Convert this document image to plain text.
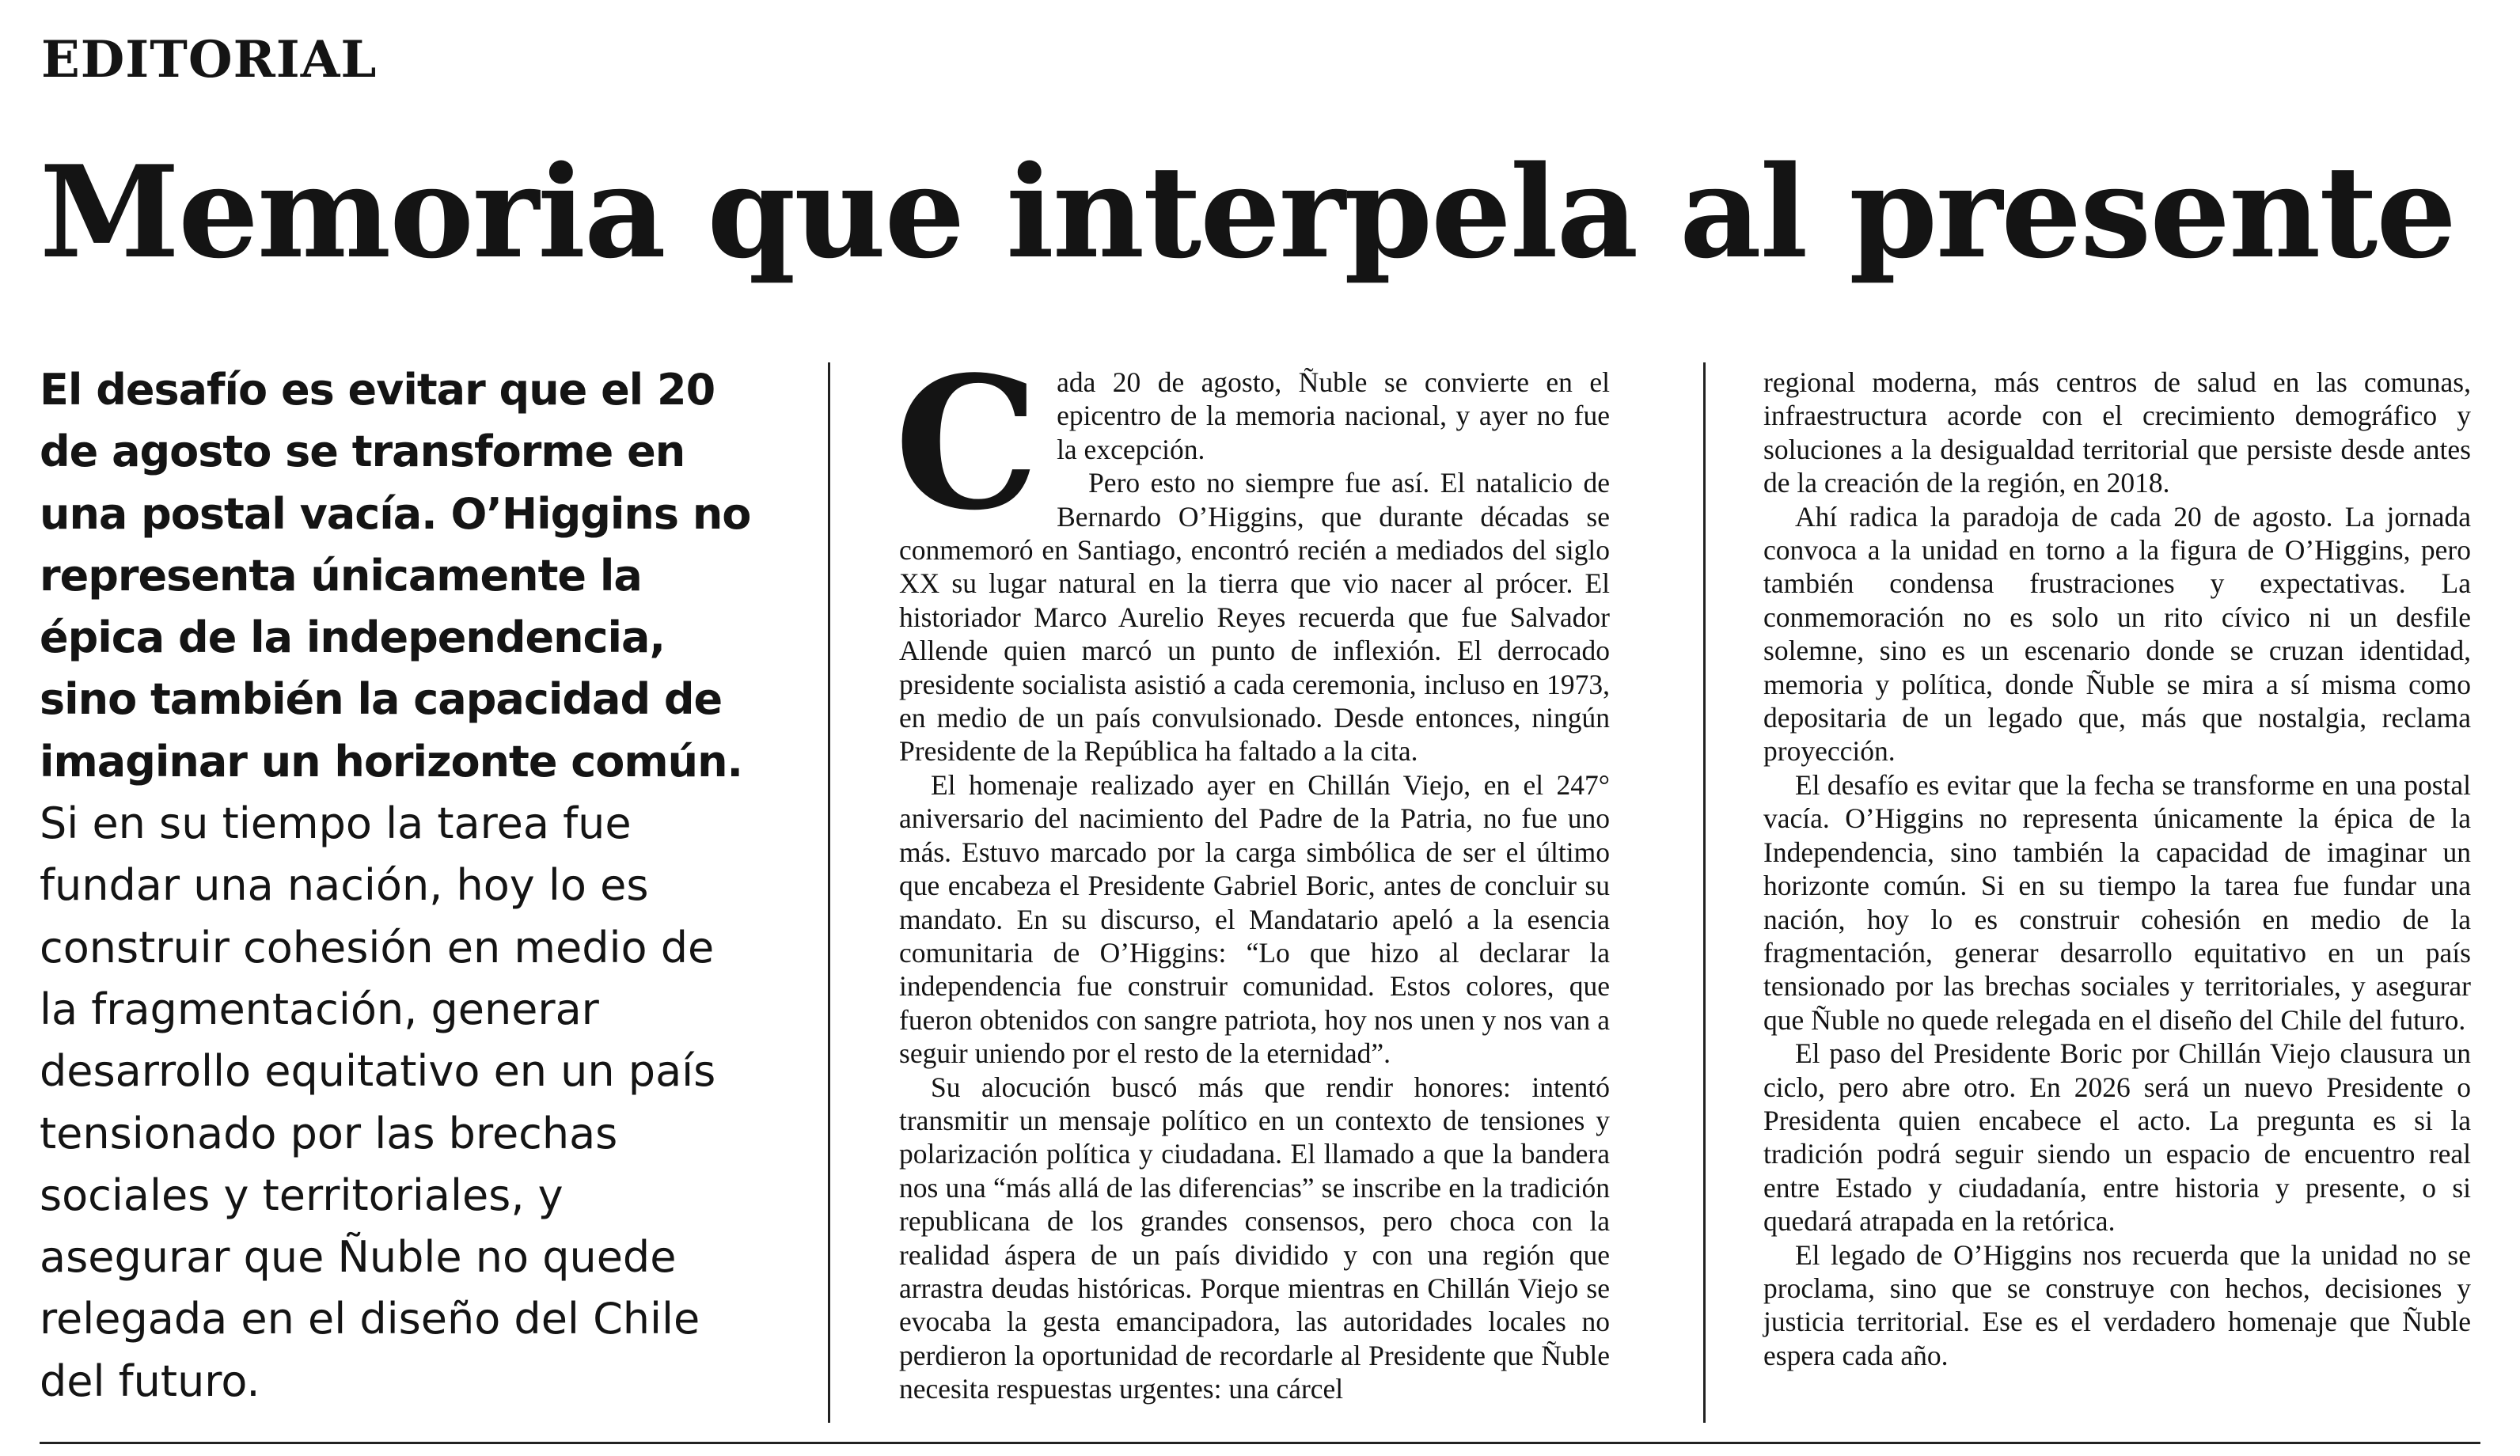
EDITORIAL
Memoria que interpela al presente

El desafío es evitar que el 20 de agosto se transforme en una postal vacía. O’Higgins no representa únicamente la épica de la independencia, sino también la capacidad de imaginar un horizonte común. Si en su tiempo la tarea fue fundar una nación, hoy lo es construir cohesión en medio de la fragmentación, generar desarrollo equitativo en un país tensionado por las brechas sociales y territoriales, y asegurar que Ñuble no quede relegada en el diseño del Chile del futuro.

C ada 20 de agosto, Ñuble se convierte en el epicentro de la memoria nacional, y ayer no fue la excepción.

Pero esto no siempre fue así. El natalicio de Bernardo O’Higgins, que durante décadas se conmemoró en Santiago, encontró recién a mediados del siglo XX su lugar natural en la tierra que vio nacer al prócer. El historiador Marco Aurelio Reyes recuerda que fue Salvador Allende quien marcó un punto de inflexión. El derrocado presidente socialista asistió a cada ceremonia, incluso en 1973, en medio de un país convulsionado. Desde entonces, ningún Presidente de la República ha faltado a la cita.

El homenaje realizado ayer en Chillán Viejo, en el 247° aniversario del nacimiento del Padre de la Patria, no fue uno más. Estuvo marcado por la carga simbólica de ser el último que encabeza el Presidente Gabriel Boric, antes de concluir su mandato. En su discurso, el Mandatario apeló a la esencia comunitaria de O’Higgins: “Lo que hizo al declarar la independencia fue construir comunidad. Estos colores, que fueron obtenidos con sangre patriota, hoy nos unen y nos van a seguir uniendo por el resto de la eternidad”.

Su alocución buscó más que rendir honores: intentó transmitir un mensaje político en un contexto de tensiones y polarización política y ciudadana. El llamado a que la bandera nos una “más allá de las diferencias” se inscribe en la tradición republicana de los grandes consensos, pero choca con la realidad áspera de un país dividido y con una región que arrastra deudas históricas. Porque mientras en Chillán Viejo se evocaba la gesta emancipadora, las autoridades locales no perdieron la oportunidad de recordarle al Presidente que Ñuble necesita respuestas urgentes: una cárcel

regional moderna, más centros de salud en las comunas, infraestructura acorde con el crecimiento demográfico y soluciones a la desigualdad territorial que persiste desde antes de la creación de la región, en 2018.

Ahí radica la paradoja de cada 20 de agosto. La jornada convoca a la unidad en torno a la figura de O’Higgins, pero también condensa frustraciones y expectativas. La conmemoración no es solo un rito cívico ni un desfile solemne, sino es un escenario donde se cruzan identidad, memoria y política, donde Ñuble se mira a sí misma como depositaria de un legado que, más que nostalgia, reclama proyección.

El desafío es evitar que la fecha se transforme en una postal vacía. O’Higgins no representa únicamente la épica de la Independencia, sino también la capacidad de imaginar un horizonte común. Si en su tiempo la tarea fue fundar una nación, hoy lo es construir cohesión en medio de la fragmentación, generar desarrollo equitativo en un país tensionado por las brechas sociales y territoriales, y asegurar que Ñuble no quede relegada en el diseño del Chile del futuro.

El paso del Presidente Boric por Chillán Viejo clausura un ciclo, pero abre otro. En 2026 será un nuevo Presidente o Presidenta quien encabece el acto. La pregunta es si la tradición podrá seguir siendo un espacio de encuentro real entre Estado y ciudadanía, entre historia y presente, o si quedará atrapada en la retórica.

El legado de O’Higgins nos recuerda que la unidad no se proclama, sino que se construye con hechos, decisiones y justicia territorial. Ese es el verdadero homenaje que Ñuble espera cada año.
